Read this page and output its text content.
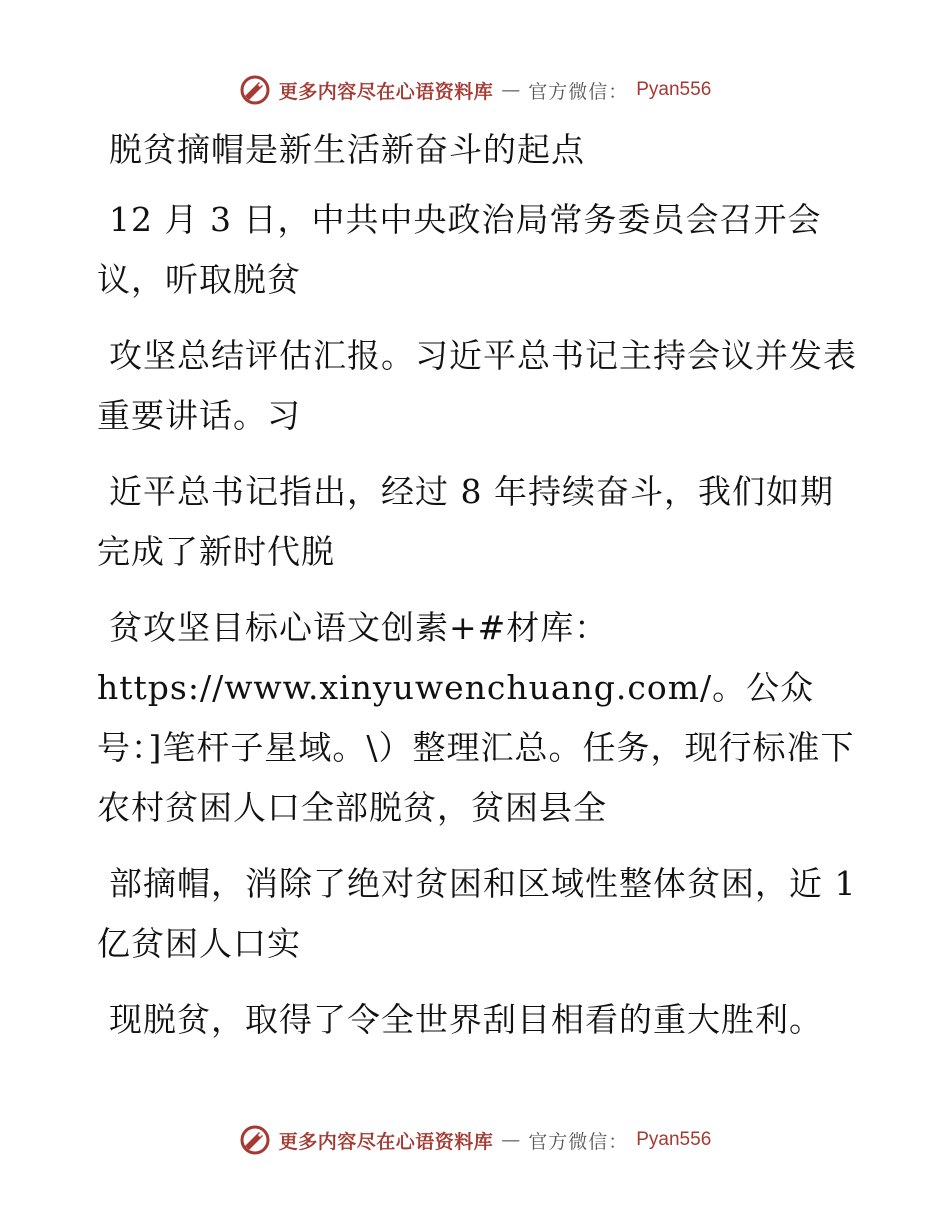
更多内容尽在心语资料库 — 官方微信： Pyan556

脱贫摘帽是新生活新奋斗的起点

12 月 3 日，中共中央政治局常务委员会召开会议，听取脱贫

攻坚总结评估汇报。习近平总书记主持会议并发表重要讲话。习

近平总书记指出，经过 8 年持续奋斗，我们如期完成了新时代脱

贫攻坚目标心语文创素+#材库：https://www.xinyuwenchuang.com/。公众号：]笔杆子星域。\）整理汇总。任务，现行标准下农村贫困人口全部脱贫，贫困县全

部摘帽，消除了绝对贫困和区域性整体贫困，近 1 亿贫困人口实

现脱贫，取得了令全世界刮目相看的重大胜利。

更多内容尽在心语资料库 — 官方微信： Pyan556
